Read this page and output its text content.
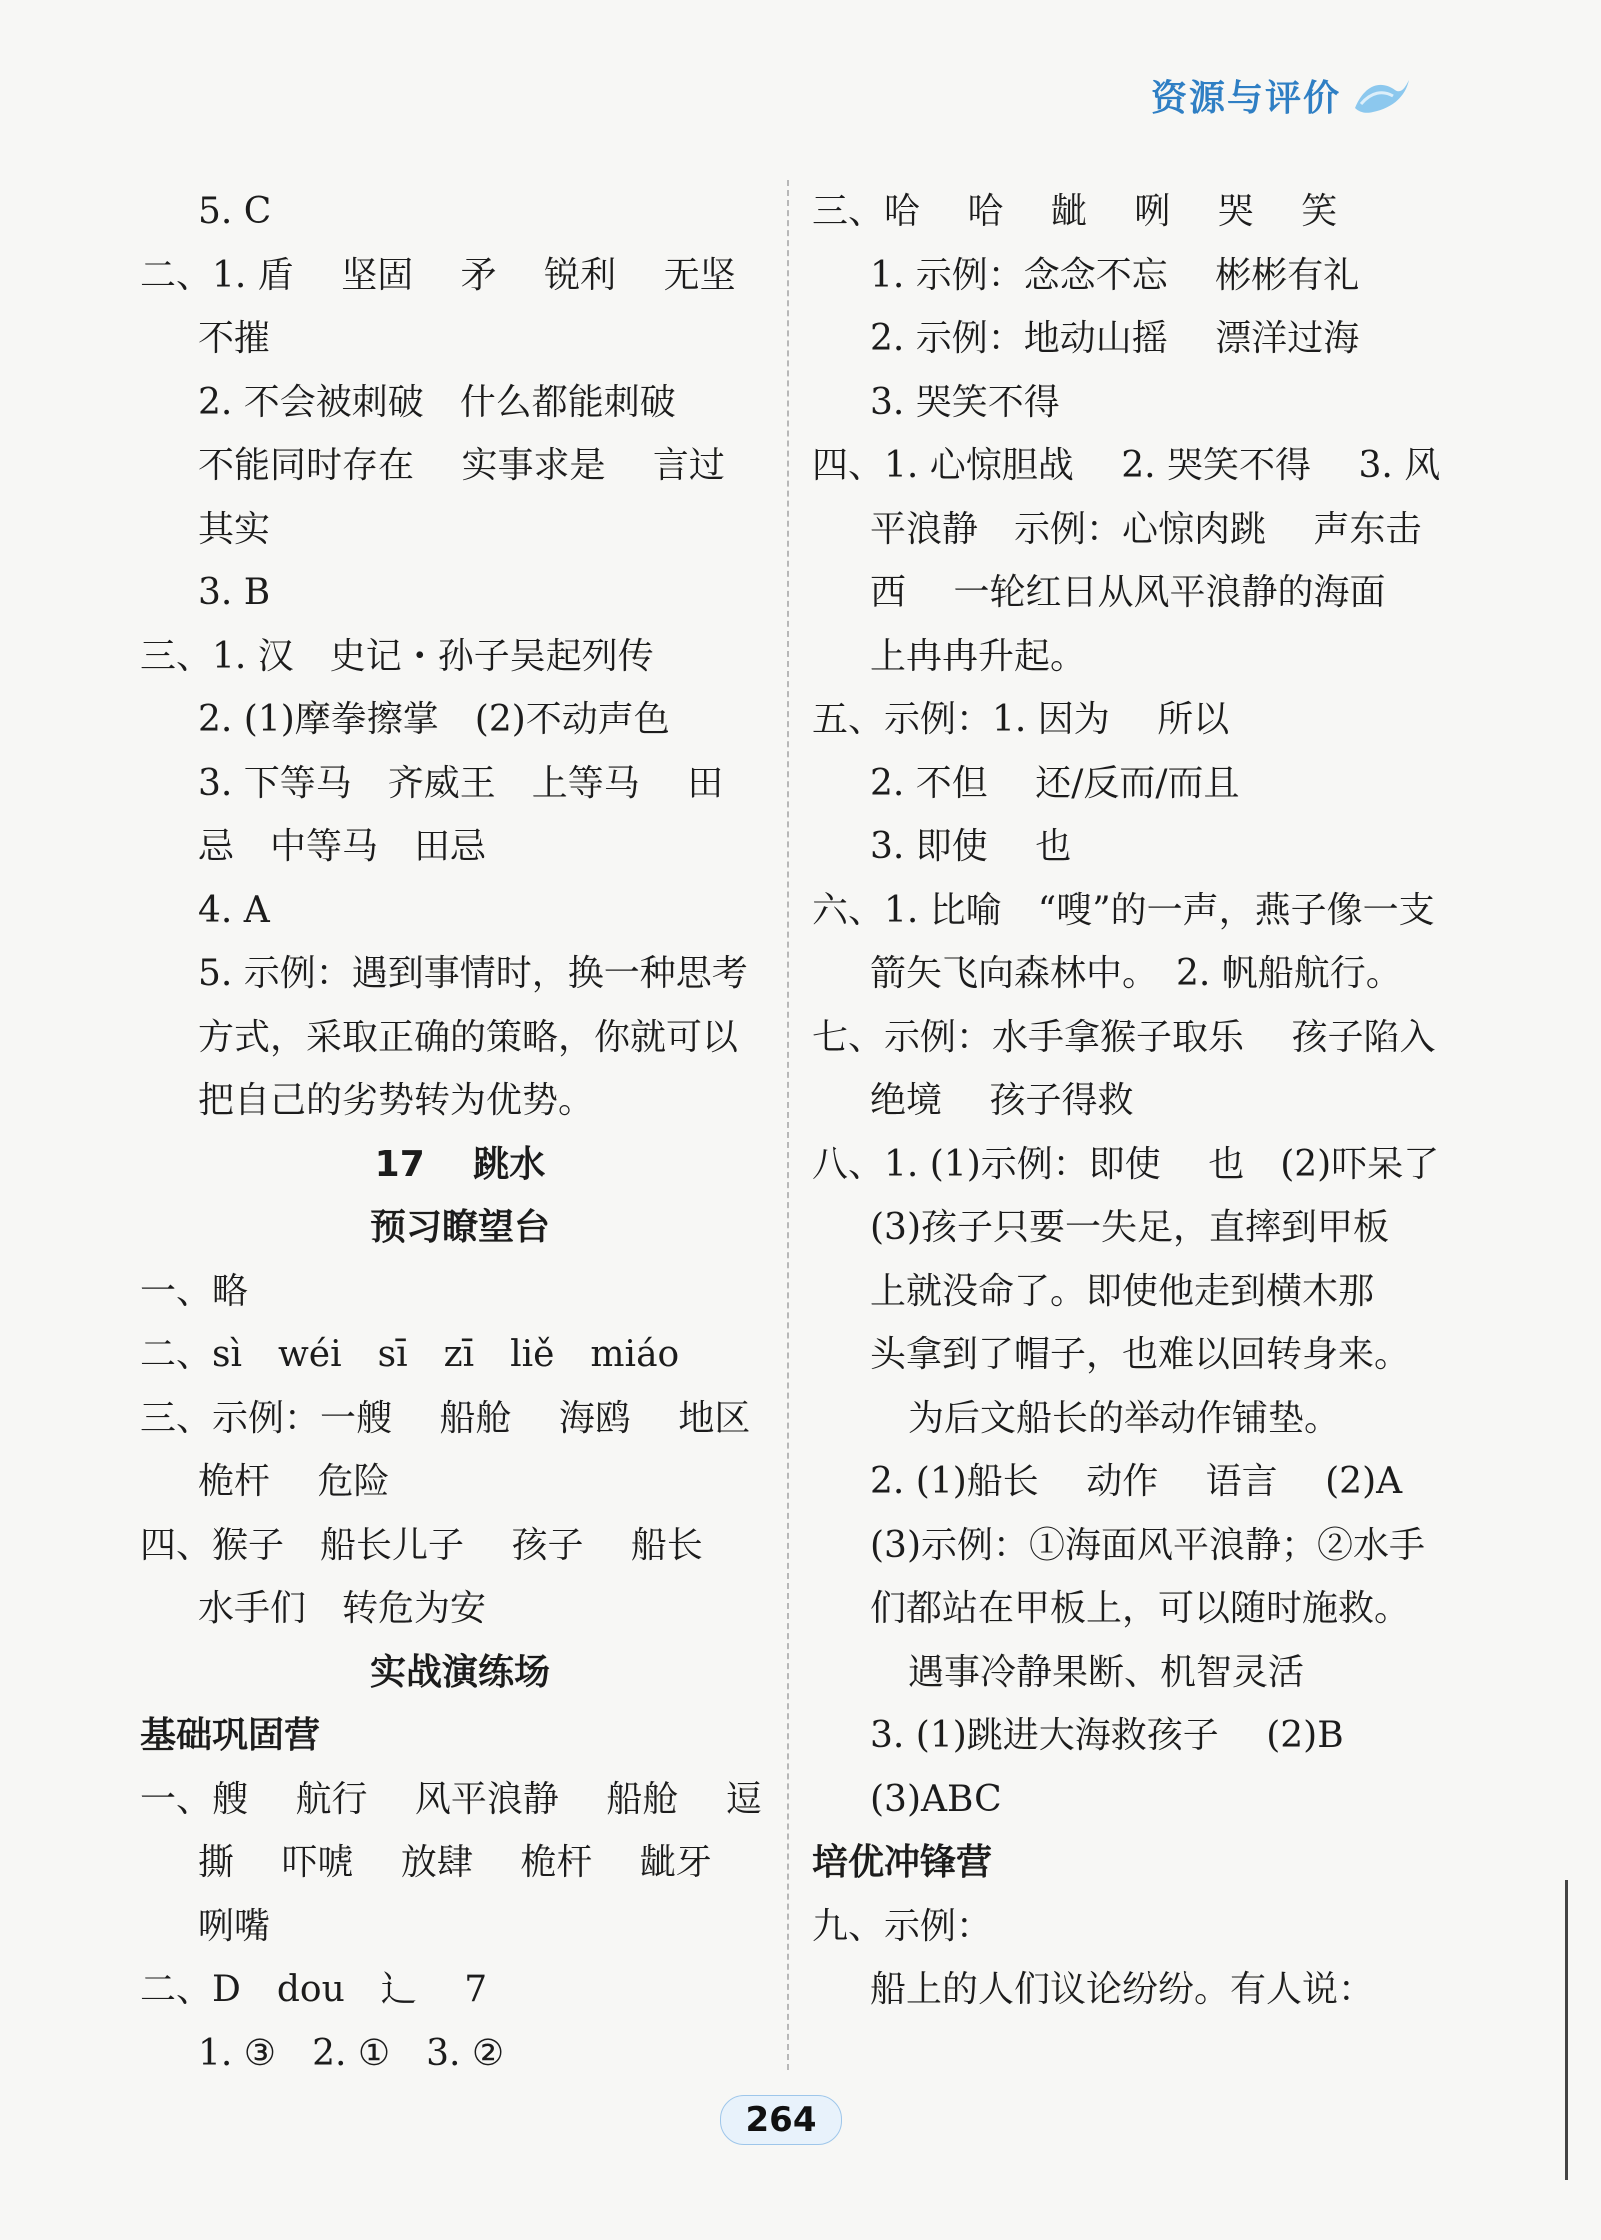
资源与评价
5. C
二、1. 盾　 坚固　 矛　 锐利　 无坚
不摧
2. 不会被刺破　什么都能刺破
不能同时存在　 实事求是　 言过
其实
3. B
三、1. 汉　史记・孙子吴起列传
2. (1)摩拳擦掌　(2)不动声色
3. 下等马　齐威王　上等马　 田
忌　中等马　田忌
4. A
5. 示例：遇到事情时，换一种思考
方式，采取正确的策略，你就可以
把自己的劣势转为优势。
17　 跳水
预习瞭望台
一、略
二、sì　wéi　sī　zī　liě　miáo
三、示例：一艘　 船舱　 海鸥　 地区
桅杆　 危险
四、猴子　船长儿子　 孩子　 船长
水手们　转危为安
实战演练场
基础巩固营
一、艘　 航行　 风平浪静　 船舱　 逗
撕　 吓唬　 放肆　 桅杆　 龇牙
咧嘴
二、D　dou　辶　 7
1. ③　2. ①　3. ②
三、哈　 哈　 龇　 咧　 哭　 笑
1. 示例：念念不忘　 彬彬有礼
2. 示例：地动山摇　 漂洋过海
3. 哭笑不得
四、1. 心惊胆战　 2. 哭笑不得　 3. 风
平浪静　示例：心惊肉跳　 声东击
西　 一轮红日从风平浪静的海面
上冉冉升起。
五、示例：1. 因为　 所以
2. 不但　 还/反而/而且
3. 即使　 也
六、1. 比喻　“嗖”的一声，燕子像一支
箭矢飞向森林中。　2. 帆船航行。
七、示例：水手拿猴子取乐　 孩子陷入
绝境　 孩子得救
八、1. (1)示例：即使　 也　(2)吓呆了
(3)孩子只要一失足，直摔到甲板
上就没命了。即使他走到横木那
头拿到了帽子，也难以回转身来。
为后文船长的举动作铺垫。
2. (1)船长　 动作　 语言　 (2)A
(3)示例：①海面风平浪静；②水手
们都站在甲板上，可以随时施救。
遇事冷静果断、机智灵活
3. (1)跳进大海救孩子　 (2)B
(3)ABC
培优冲锋营
九、示例：
船上的人们议论纷纷。有人说：
264
